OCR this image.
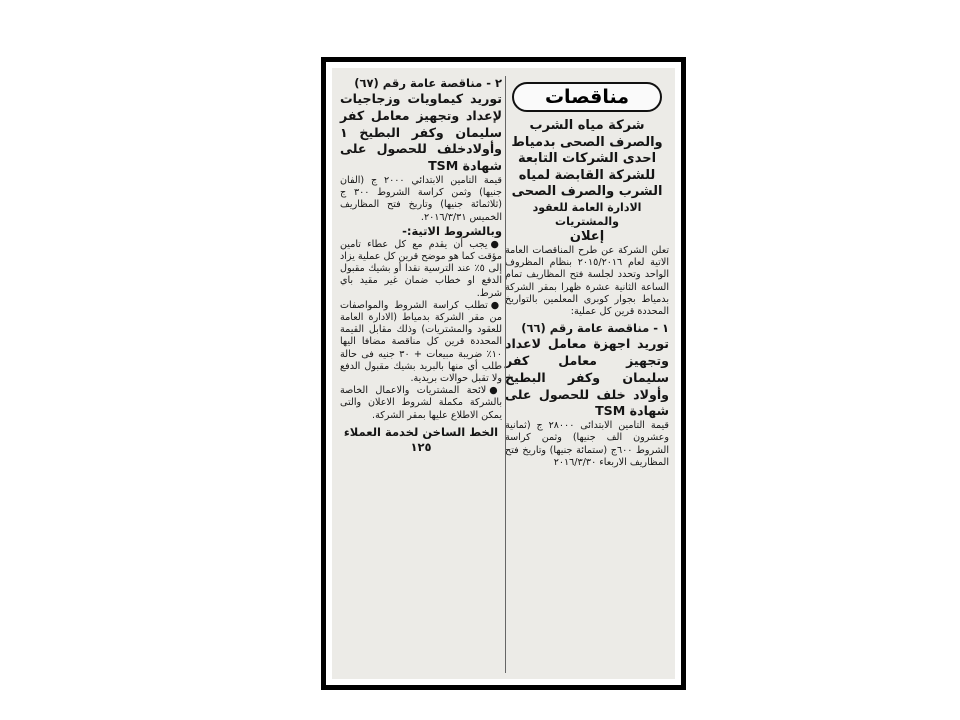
مناقصات

شركة مياه الشرب والصرف الصحى بدمياط احدى الشركات التابعة للشركة القابضة لمياه الشرب والصرف الصحى

الادارة العامة للعقود والمشتريات

إعلان

تعلن الشركة عن طرح المناقصات العامة الاتية لعام ٢٠١٥/٢٠١٦ بنظام المظروف الواحد وتحدد لجلسة فتح المظاريف تمام الساعة الثانية عشرة ظهرا بمقر الشركة بدمياط بجوار كوبرى المعلمين بالتواريخ المحددة قرين كل عملية:

١ - مناقصة عامة رقم (٦٦)

توريد اجهزة معامل لاعداد وتجهيز معامل كفر سليمان وكفر البطيخ وأولاد خلف للحصول على شهادة TSM

قيمة التامين الابتدائى ٢٨٠٠٠ ج (ثمانية وعشرون الف جنيها) وثمن كراسة الشروط ٦٠٠ج (ستمائة جنيها) وتاريخ فتح المظاريف الاربعاء ٢٠١٦/٣/٣٠

٢ - مناقصة عامة رقم (٦٧)

توريد كيماويات وزجاجيات لإعداد وتجهيز معامل كفر سليمان وكفر البطيخ ١ وأولادخلف للحصول على شهادة TSM

قيمة التامين الابتدائي ٢٠٠٠ ج (الفان جنيها) وثمن كراسة الشروط ٣٠٠ ج (ثلاثمائة جنيها) وتاريخ فتح المظاريف الخميس ٢٠١٦/٣/٣١.

وبالشروط الاتية:-

● يجب أن يقدم مع كل عطاء تامين مؤقت كما هو موضح قرين كل عملية يزاد إلى ٥٪ عند الترسية نقدا أو بشيك مقبول الدفع او خطاب ضمان غير مقيد باي شرط.

● تطلب كراسة الشروط والمواصفات من مقر الشركة بدمياط (الادارة العامة للعقود والمشتريات) وذلك مقابل القيمة المحددة قرين كل مناقصة مضافا اليها ١٠٪ ضريبة مبيعات + ٣٠ جنيه فى حالة طلب أي منها بالبريد بشيك مقبول الدفع ولا تقبل حوالات بريدية.

● لائحة المشتريات والاعمال الخاصة بالشركة مكملة لشروط الاعلان والتى يمكن الاطلاع عليها بمقر الشركة.

الخط الساخن لخدمة العملاء ١٢٥
